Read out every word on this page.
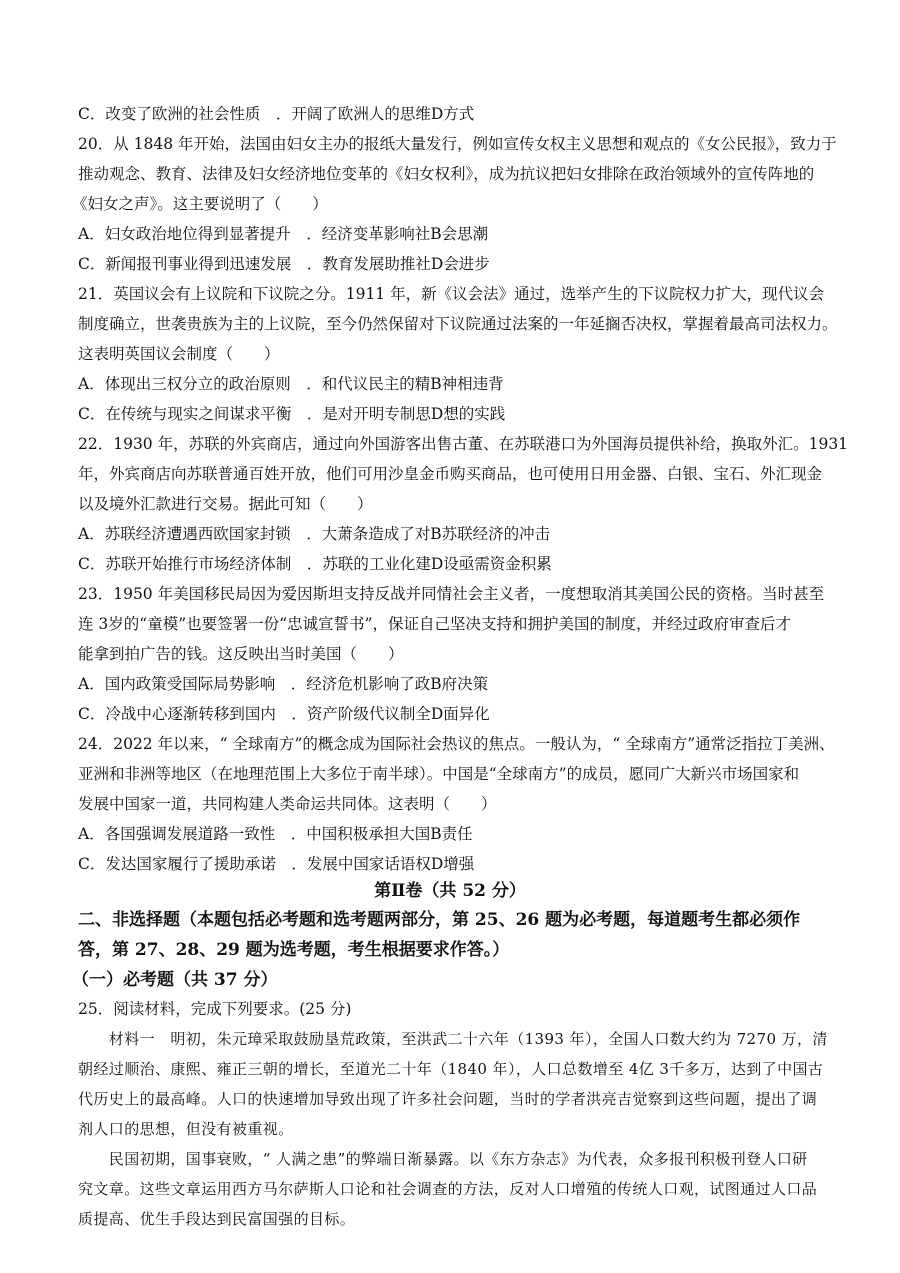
C．改变了欧洲的社会性质　．开阔了欧洲人的思维D方式
20．从 1848 年开始，法国由妇女主办的报纸大量发行，例如宣传女权主义思想和观点的《女公民报》，致力于
推动观念、教育、法律及妇女经济地位变革的《妇女权利》，成为抗议把妇女排除在政治领域外的宣传阵地的
《妇女之声》。这主要说明了（　　）
A．妇女政治地位得到显著提升　．经济变革影响社B会思潮
C．新闻报刊事业得到迅速发展　．教育发展助推社D会进步
21．英国议会有上议院和下议院之分。1911 年，新《议会法》通过，选举产生的下议院权力扩大，现代议会
制度确立，世袭贵族为主的上议院，至今仍然保留对下议院通过法案的一年延搁否决权，掌握着最高司法权力。
这表明英国议会制度（　　）
A．体现出三权分立的政治原则　．和代议民主的精B神相违背
C．在传统与现实之间谋求平衡　．是对开明专制思D想的实践
22．1930 年，苏联的外宾商店，通过向外国游客出售古董、在苏联港口为外国海员提供补给，换取外汇。1931
年，外宾商店向苏联普通百姓开放，他们可用沙皇金币购买商品，也可使用日用金器、白银、宝石、外汇现金
以及境外汇款进行交易。据此可知（　　）
A．苏联经济遭遇西欧国家封锁　．大萧条造成了对B苏联经济的冲击
C．苏联开始推行市场经济体制　．苏联的工业化建D设亟需资金积累
23．1950 年美国移民局因为爱因斯坦支持反战并同情社会主义者，一度想取消其美国公民的资格。当时甚至
连 3岁的“童模”也要签署一份“忠诚宣誓书”，保证自己坚决支持和拥护美国的制度，并经过政府审查后才
能拿到拍广告的钱。这反映出当时美国（　　）
A．国内政策受国际局势影响　．经济危机影响了政B府决策
C．冷战中心逐渐转移到国内　．资产阶级代议制全D面异化
24．2022 年以来，“ 全球南方”的概念成为国际社会热议的焦点。一般认为，“ 全球南方”通常泛指拉丁美洲、
亚洲和非洲等地区（在地理范围上大多位于南半球）。中国是“全球南方”的成员，愿同广大新兴市场国家和
发展中国家一道，共同构建人类命运共同体。这表明（　　）
A．各国强调发展道路一致性　．中国积极承担大国B责任
C．发达国家履行了援助承诺　．发展中国家话语权D增强
第Ⅱ卷（共 52 分）
二、非选择题（本题包括必考题和选考题两部分，第 25、26 题为必考题，每道题考生都必须作
答，第 27、28、29 题为选考题，考生根据要求作答。）
（一）必考题（共 37 分）
25．阅读材料，完成下列要求。(25 分)
　　材料一　明初，朱元璋采取鼓励垦荒政策，至洪武二十六年（1393 年），全国人口数大约为 7270 万，清
朝经过顺治、康熙、雍正三朝的增长，至道光二十年（1840 年），人口总数增至 4亿 3千多万，达到了中国古
代历史上的最高峰。人口的快速增加导致出现了许多社会问题，当时的学者洪亮吉觉察到这些问题，提出了调
剂人口的思想，但没有被重视。
　　民国初期，国事衰败，“ 人满之患”的弊端日渐暴露。以《东方杂志》为代表，众多报刊积极刊登人口研
究文章。这些文章运用西方马尔萨斯人口论和社会调查的方法，反对人口增殖的传统人口观，试图通过人口品
质提高、优生手段达到民富国强的目标。
